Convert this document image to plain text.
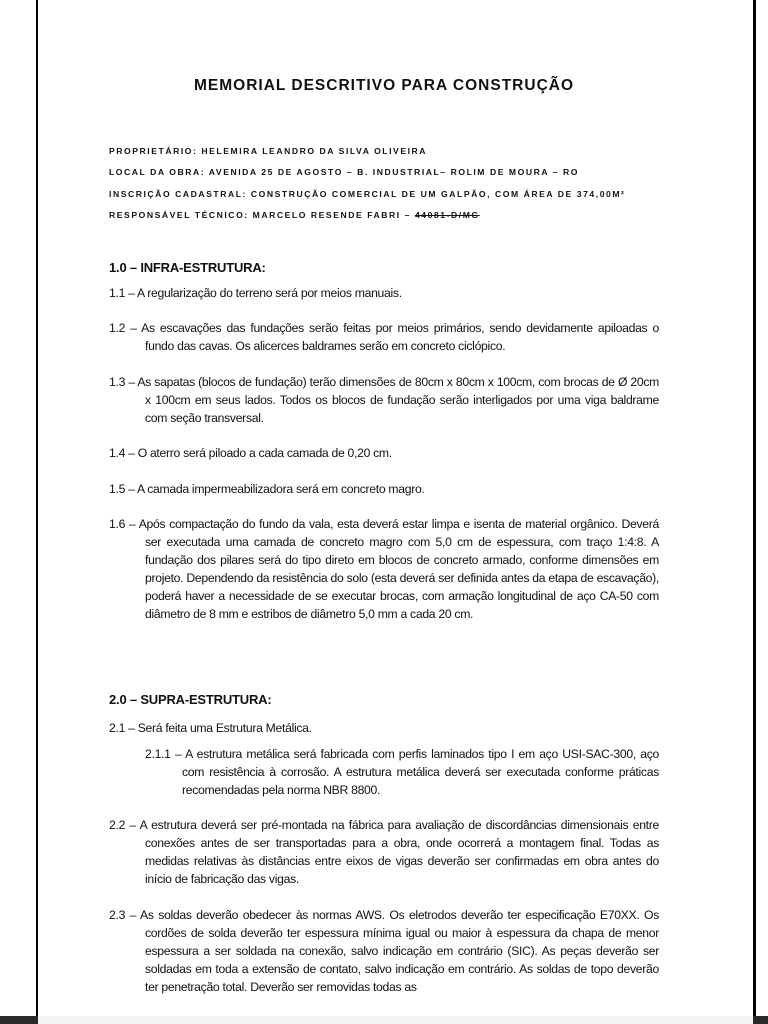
MEMORIAL DESCRITIVO PARA CONSTRUÇÃO
PROPRIETÁRIO: HELEMIRA LEANDRO DA SILVA OLIVEIRA
LOCAL DA OBRA: AVENIDA 25 DE AGOSTO – B. INDUSTRIAL– ROLIM DE MOURA – RO
INSCRIÇÃO CADASTRAL: CONSTRUÇÃO COMERCIAL DE UM GALPÃO, COM ÁREA DE 374,00M²
RESPONSÁVEL TÉCNICO: MARCELO RESENDE FABRI – 44081-D/MG
1.0 – INFRA-ESTRUTURA:
1.1 – A regularização do terreno será por meios manuais.
1.2 – As escavações das fundações serão feitas por meios primários, sendo devidamente apiloadas o fundo das cavas. Os alicerces baldrames serão em concreto ciclópico.
1.3 – As sapatas (blocos de fundação) terão dimensões de 80cm x 80cm x 100cm, com brocas de Ø 20cm x 100cm em seus lados. Todos os blocos de fundação serão interligados por uma viga baldrame com seção transversal.
1.4 – O aterro será piloado a cada camada de 0,20 cm.
1.5 – A camada impermeabilizadora será em concreto magro.
1.6 – Após compactação do fundo da vala, esta deverá estar limpa e isenta de material orgânico. Deverá ser executada uma camada de concreto magro com 5,0 cm de espessura, com traço 1:4:8. A fundação dos pilares será do tipo direto em blocos de concreto armado, conforme dimensões em projeto. Dependendo da resistência do solo (esta deverá ser definida antes da etapa de escavação), poderá haver a necessidade de se executar brocas, com armação longitudinal de aço CA-50 com diâmetro de 8 mm e estribos de diâmetro 5,0 mm a cada 20 cm.
2.0 – SUPRA-ESTRUTURA:
2.1 – Será feita uma Estrutura Metálica.
2.1.1 – A estrutura metálica será fabricada com perfis laminados tipo I em aço USI-SAC-300, aço com resistência à corrosão. A estrutura metálica deverá ser executada conforme práticas recomendadas pela norma NBR 8800.
2.2 – A estrutura deverá ser pré-montada na fábrica para avaliação de discordâncias dimensionais entre conexões antes de ser transportadas para a obra, onde ocorrerá a montagem final. Todas as medidas relativas às distâncias entre eixos de vigas deverão ser confirmadas em obra antes do início de fabricação das vigas.
2.3 – As soldas deverão obedecer às normas AWS. Os eletrodos deverão ter especificação E70XX. Os cordões de solda deverão ter espessura mínima igual ou maior à espessura da chapa de menor espessura a ser soldada na conexão, salvo indicação em contrário (SIC). As peças deverão ser soldadas em toda a extensão de contato, salvo indicação em contrário. As soldas de topo deverão ter penetração total. Deverão ser removidas todas as
